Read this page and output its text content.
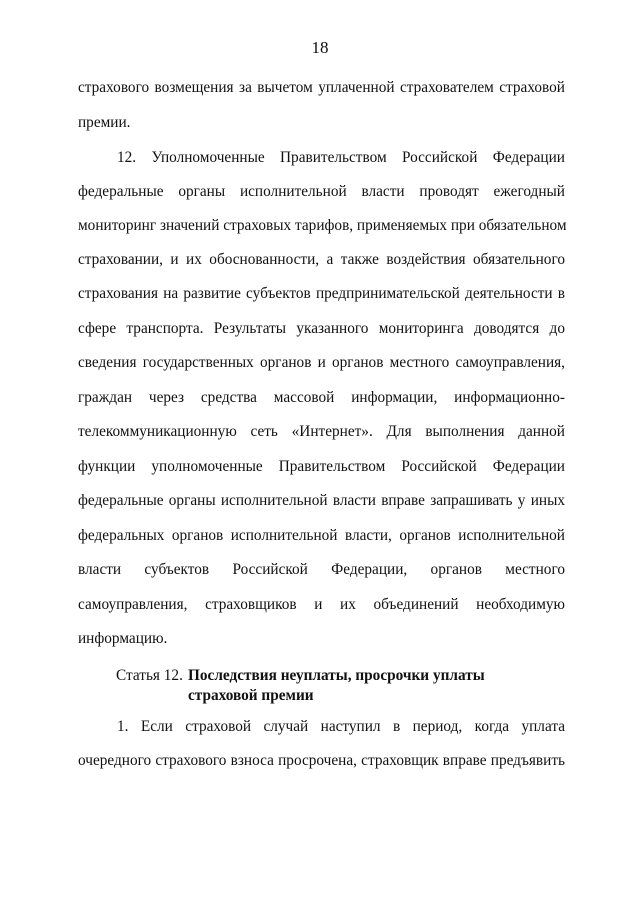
18
страхового возмещения за вычетом уплаченной страхователем страховой
премии.
12. Уполномоченные Правительством Российской Федерации
федеральные органы исполнительной власти проводят ежегодный
мониторинг значений страховых тарифов, применяемых при обязательном
страховании, и их обоснованности, а также воздействия обязательного
страхования на развитие субъектов предпринимательской деятельности в
сфере транспорта. Результаты указанного мониторинга доводятся до
сведения государственных органов и органов местного самоуправления,
граждан через средства массовой информации, информационно-
телекоммуникационную сеть «Интернет». Для выполнения данной
функции уполномоченные Правительством Российской Федерации
федеральные органы исполнительной власти вправе запрашивать у иных
федеральных органов исполнительной власти, органов исполнительной
власти субъектов Российской Федерации, органов местного
самоуправления, страховщиков и их объединений необходимую
информацию.
Статья 12. Последствия неуплаты, просрочки уплаты
страховой премии
1. Если страховой случай наступил в период, когда уплата
очередного страхового взноса просрочена, страховщик вправе предъявить
